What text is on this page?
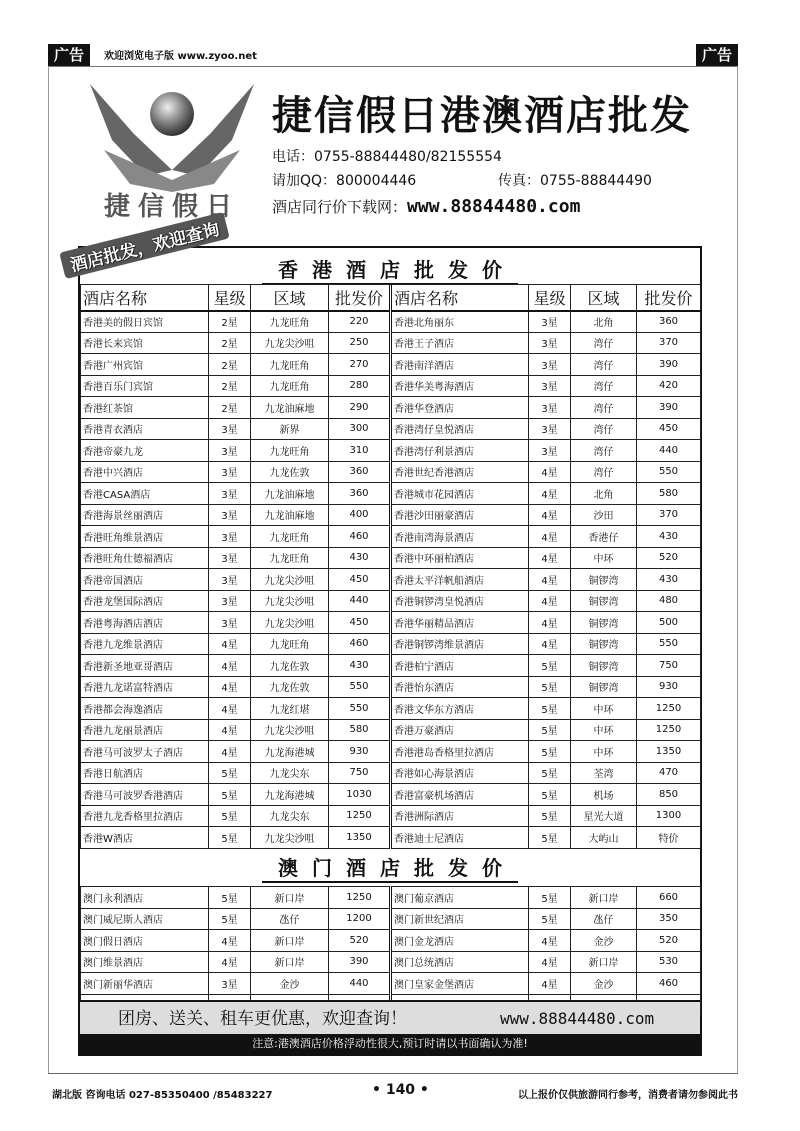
广告	欢迎浏览电子版 www.zyoo.net	广告
捷信假日
捷信假日港澳酒店批发
电话：0755-88844480/82155554
请加QQ：800004446	传真：0755-88844490
酒店同行价下载网：www.88844480.com
香港酒店批发价
酒店名称	星级	区域	批发价	酒店名称	星级	区域	批发价
香港美的假日宾馆	2星	九龙旺角	220	香港北角丽东	3星	北角	360
香港长来宾馆	2星	九龙尖沙咀	250	香港王子酒店	3星	湾仔	370
香港广州宾馆	2星	九龙旺角	270	香港南洋酒店	3星	湾仔	390
香港百乐门宾馆	2星	九龙旺角	280	香港华美粤海酒店	3星	湾仔	420
香港红茶馆	2星	九龙油麻地	290	香港华登酒店	3星	湾仔	390
香港青衣酒店	3星	新界	300	香港湾仔皇悦酒店	3星	湾仔	450
香港帝豪九龙	3星	九龙旺角	310	香港湾仔利景酒店	3星	湾仔	440
香港中兴酒店	3星	九龙佐敦	360	香港世纪香港酒店	4星	湾仔	550
香港CASA酒店	3星	九龙油麻地	360	香港城市花园酒店	4星	北角	580
香港海景丝丽酒店	3星	九龙油麻地	400	香港沙田丽豪酒店	4星	沙田	370
香港旺角维景酒店	3星	九龙旺角	460	香港南湾海景酒店	4星	香港仔	430
香港旺角仕德福酒店	3星	九龙旺角	430	香港中环丽柏酒店	4星	中环	520
香港帝国酒店	3星	九龙尖沙咀	450	香港太平洋帆船酒店	4星	铜锣湾	430
香港龙堡国际酒店	3星	九龙尖沙咀	440	香港铜锣湾皇悦酒店	4星	铜锣湾	480
香港粤海酒店酒店	3星	九龙尖沙咀	450	香港华丽精品酒店	4星	铜锣湾	500
香港九龙维景酒店	4星	九龙旺角	460	香港铜锣湾维景酒店	4星	铜锣湾	550
香港新圣地亚哥酒店	4星	九龙佐敦	430	香港柏宁酒店	5星	铜锣湾	750
香港九龙诺富特酒店	4星	九龙佐敦	550	香港怡东酒店	5星	铜锣湾	930
香港都会海逸酒店	4星	九龙红堪	550	香港文华东方酒店	5星	中环	1250
香港九龙丽景酒店	4星	九龙尖沙咀	580	香港万豪酒店	5星	中环	1250
香港马可波罗太子酒店	4星	九龙海港城	930	香港港岛香格里拉酒店	5星	中环	1350
香港日航酒店	5星	九龙尖东	750	香港如心海景酒店	5星	荃湾	470
香港马可波罗香港酒店	5星	九龙海港城	1030	香港富豪机场酒店	5星	机场	850
香港九龙香格里拉酒店	5星	九龙尖东	1250	香港洲际酒店	5星	星光大道	1300
香港W酒店	5星	九龙尖沙咀	1350	香港迪士尼酒店	5星	大屿山	特价
澳门酒店批发价
澳门永利酒店	5星	新口岸	1250	澳门葡京酒店	5星	新口岸	660
澳门威尼斯人酒店	5星	氹仔	1200	澳门新世纪酒店	5星	氹仔	350
澳门假日酒店	4星	新口岸	520	澳门金龙酒店	4星	金沙	520
澳门维景酒店	4星	新口岸	390	澳门总统酒店	4星	新口岸	530
澳门新丽华酒店	3星	金沙	440	澳门皇家金堡酒店	4星	金沙	460

团房、送关、租车更优惠，欢迎查询！	www.88844480.com
注意:港澳酒店价格浮动性很大,预订时请以书面确认为准!
酒店批发，欢迎查询
湖北版 咨询电话 027-85350400 /85483227	• 140 •	以上报价仅供旅游同行参考，消费者请勿参阅此书
